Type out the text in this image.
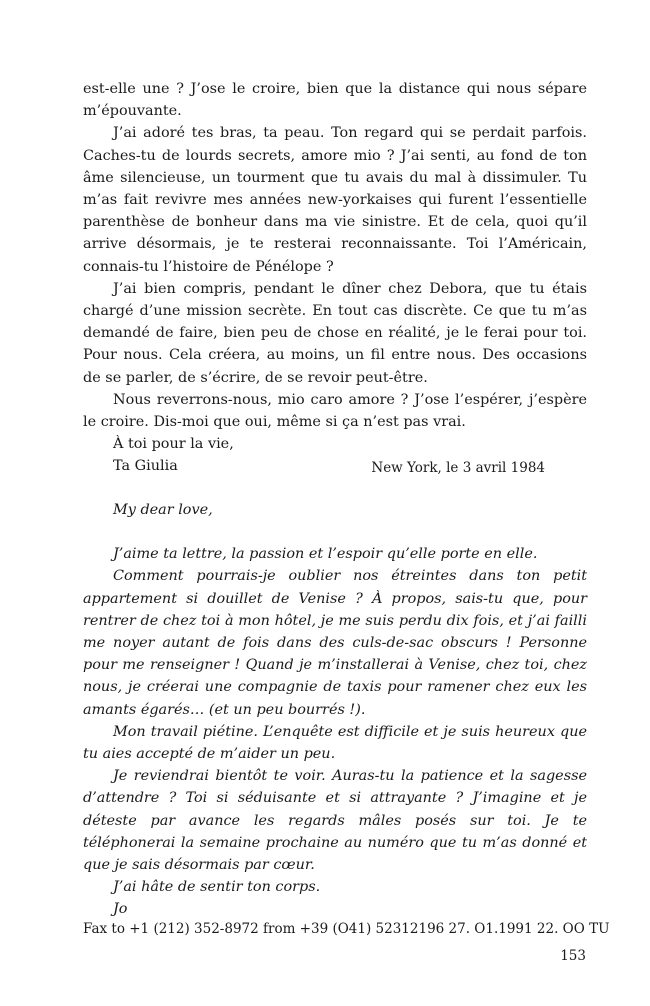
est-elle une ? J’ose le croire, bien que la distance qui nous sépare m’épouvante.

J’ai adoré tes bras, ta peau. Ton regard qui se perdait parfois. Caches-tu de lourds secrets, amore mio ? J’ai senti, au fond de ton âme silencieuse, un tourment que tu avais du mal à dissimuler. Tu m’as fait revivre mes années new-yorkaises qui furent l’essentielle parenthèse de bonheur dans ma vie sinistre. Et de cela, quoi qu’il arrive désormais, je te resterai reconnaissante. Toi l’Américain, connais-tu l’histoire de Pénélope ?

J’ai bien compris, pendant le dîner chez Debora, que tu étais chargé d’une mission secrète. En tout cas discrète. Ce que tu m’as demandé de faire, bien peu de chose en réalité, je le ferai pour toi. Pour nous. Cela créera, au moins, un fil entre nous. Des occasions de se parler, de s’écrire, de se revoir peut-être.

Nous reverrons-nous, mio caro amore ? J’ose l’espérer, j’espère le croire. Dis-moi que oui, même si ça n’est pas vrai.

À toi pour la vie,

Ta Giulia	New York, le 3 avril 1984

My dear love,

J’aime ta lettre, la passion et l’espoir qu’elle porte en elle.

Comment pourrais-je oublier nos étreintes dans ton petit appartement si douillet de Venise ? À propos, sais-tu que, pour rentrer de chez toi à mon hôtel, je me suis perdu dix fois, et j’ai failli me noyer autant de fois dans des culs-de-sac obscurs ! Personne pour me renseigner ! Quand je m’installerai à Venise, chez toi, chez nous, je créerai une compagnie de taxis pour ramener chez eux les amants égarés… (et un peu bourrés !).

Mon travail piétine. L’enquête est difficile et je suis heureux que tu aies accepté de m’aider un peu.

Je reviendrai bientôt te voir. Auras-tu la patience et la sagesse d’attendre ? Toi si séduisante et si attrayante ? J’imagine et je déteste par avance les regards mâles posés sur toi. Je te téléphonerai la semaine prochaine au numéro que tu m’as donné et que je sais désormais par cœur.

J’ai hâte de sentir ton corps.

Jo

Fax to +1 (212) 352-8972 from +39 (O41) 52312196 27. O1.1991 22. OO TU
153
